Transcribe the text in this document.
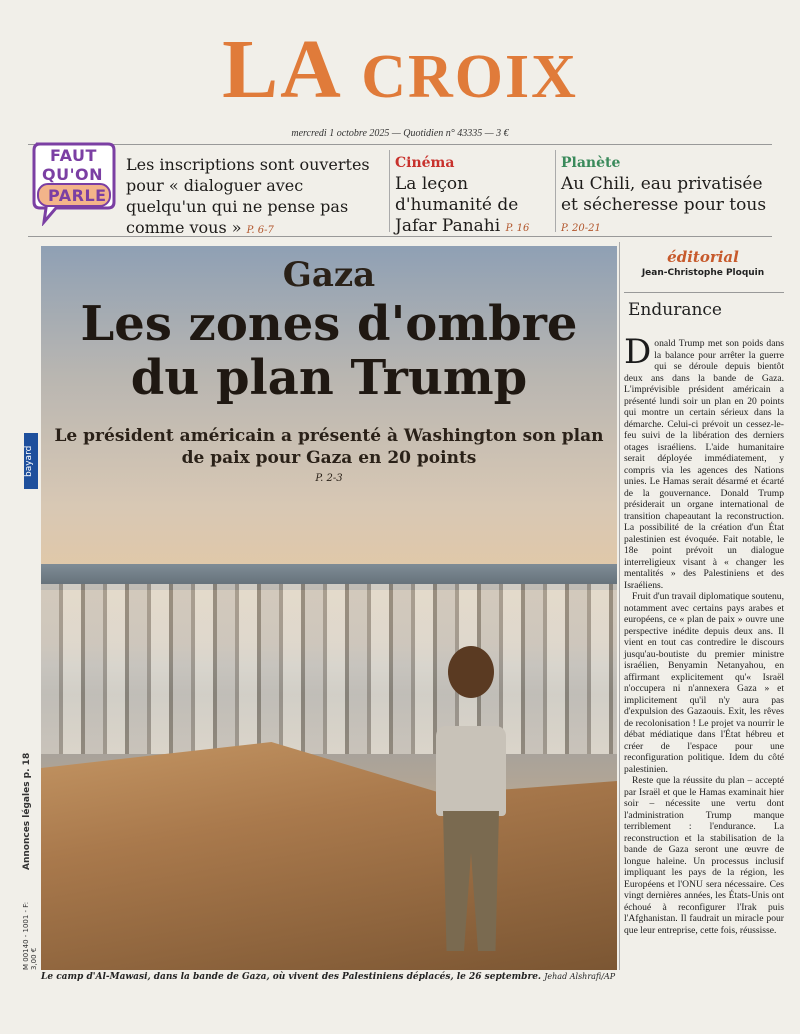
LA CROIX
mercredi 1 octobre 2025 — Quotidien n° 43335 — 3 €
FAUT
QU'ON
PARLE
Les inscriptions sont ouvertes pour « dialoguer avec quelqu'un qui ne pense pas comme vous » P. 6-7
Cinéma
La leçon d'humanité de Jafar Panahi P. 16
Planète
Au Chili, eau privatisée et sécheresse pour tous P. 20-21
bayard
Annonces légales p. 18
M 00140 - 1001 - F: 3,00 €
Gaza
Les zones d'ombre du plan Trump
Le président américain a présenté à Washington son plan de paix pour Gaza en 20 points
P. 2-3
Le camp d'Al-Mawasi, dans la bande de Gaza, où vivent des Palestiniens déplacés, le 26 septembre. Jehad Alshrafi/AP
éditorial
Jean-Christophe Ploquin
Endurance

Donald Trump met son poids dans la balance pour arrêter la guerre qui se déroule depuis bientôt deux ans dans la bande de Gaza. L'imprévisible président américain a présenté lundi soir un plan en 20 points qui montre un certain sérieux dans la démarche. Celui-ci prévoit un cessez-le-feu suivi de la libération des derniers otages israéliens. L'aide humanitaire serait déployée immédiatement, y compris via les agences des Nations unies. Le Hamas serait désarmé et écarté de la gouvernance. Donald Trump présiderait un organe international de transition chapeautant la reconstruction. La possibilité de la création d'un État palestinien est évoquée. Fait notable, le 18e point prévoit un dialogue interreligieux visant à « changer les mentalités » des Palestiniens et des Israéliens.

Fruit d'un travail diplomatique soutenu, notamment avec certains pays arabes et européens, ce « plan de paix » ouvre une perspective inédite depuis deux ans. Il vient en tout cas contredire le discours jusqu'au-boutiste du premier ministre israélien, Benyamin Netanyahou, en affirmant explicitement qu'« Israël n'occupera ni n'annexera Gaza » et implicitement qu'il n'y aura pas d'expulsion des Gazaouis. Exit, les rêves de recolonisation ! Le projet va nourrir le débat médiatique dans l'État hébreu et créer de l'espace pour une reconfiguration politique. Idem du côté palestinien.

Reste que la réussite du plan – accepté par Israël et que le Hamas examinait hier soir – nécessite une vertu dont l'administration Trump manque terriblement : l'endurance. La reconstruction et la stabilisation de la bande de Gaza seront une œuvre de longue haleine. Un processus inclusif impliquant les pays de la région, les Européens et l'ONU sera nécessaire. Ces vingt dernières années, les États-Unis ont échoué à reconfigurer l'Irak puis l'Afghanistan. Il faudrait un miracle pour que leur entreprise, cette fois, réussisse.
